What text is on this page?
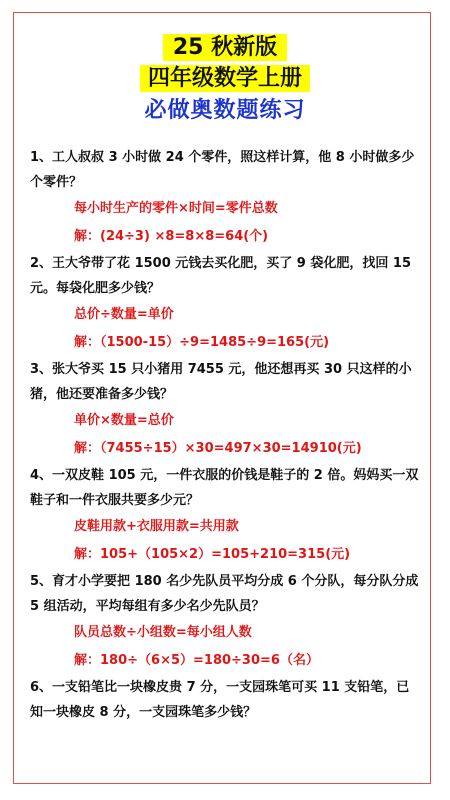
25 秋新版
四年级数学上册
必做奥数题练习

1、工人叔叔 3 小时做 24 个零件，照这样计算，他 8 小时做多少个零件？

每小时生产的零件×时间=零件总数

解：(24÷3) ×8=8×8=64(个)

2、王大爷带了花 1500 元钱去买化肥，买了 9 袋化肥，找回 15 元。每袋化肥多少钱？

总价÷数量=单价

解：（1500-15）÷9=1485÷9=165(元)

3、张大爷买 15 只小猪用 7455 元，他还想再买 30 只这样的小猪，他还要准备多少钱？

单价×数量=总价

解：（7455÷15）×30=497×30=14910(元)

4、一双皮鞋 105 元，一件衣服的价钱是鞋子的 2 倍。妈妈买一双鞋子和一件衣服共要多少元？

皮鞋用款+衣服用款=共用款

解：105+（105×2）=105+210=315(元)

5、育才小学要把 180 名少先队员平均分成 6 个分队，每分队分成 5 组活动，平均每组有多少名少先队员？

队员总数÷小组数=每小组人数

解：180÷（6×5）=180÷30=6（名）

6、一支铅笔比一块橡皮贵 7 分，一支园珠笔可买 11 支铅笔，已知一块橡皮 8 分，一支园珠笔多少钱？
